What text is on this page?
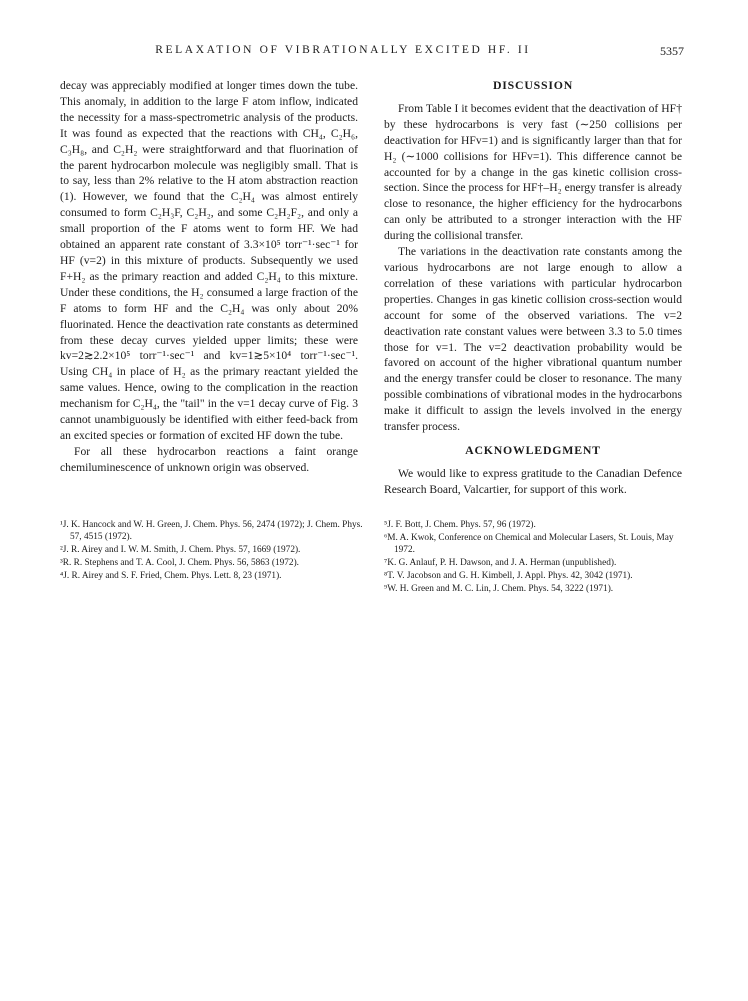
RELAXATION OF VIBRATIONALLY EXCITED HF. II	5357

decay was appreciably modified at longer times down the tube. This anomaly, in addition to the large F atom inflow, indicated the necessity for a mass-spectrometric analysis of the products. It was found as expected that the reactions with CH₄, C₂H₆, C₃H₈, and C₂H₂ were straightforward and that fluorination of the parent hydrocarbon molecule was negligibly small. That is to say, less than 2% relative to the H atom abstraction reaction (1). However, we found that the C₂H₄ was almost entirely consumed to form C₂H₃F, C₂H₂, and some C₂H₂F₂, and only a small proportion of the F atoms went to form HF. We had obtained an apparent rate constant of 3.3×10⁵ torr⁻¹·sec⁻¹ for HF (v=2) in this mixture of products. Subsequently we used F+H₂ as the primary reaction and added C₂H₄ to this mixture. Under these conditions, the H₂ consumed a large fraction of the F atoms to form HF and the C₂H₄ was only about 20% fluorinated. Hence the deactivation rate constants as determined from these decay curves yielded upper limits; these were kv=2≳2.2×10⁵ torr⁻¹·sec⁻¹ and kv=1≳5×10⁴ torr⁻¹·sec⁻¹. Using CH₄ in place of H₂ as the primary reactant yielded the same values. Hence, owing to the complication in the reaction mechanism for C₂H₄, the "tail" in the v=1 decay curve of Fig. 3 cannot unambiguously be identified with either feed-back from an excited species or formation of excited HF down the tube.

For all these hydrocarbon reactions a faint orange chemiluminescence of unknown origin was observed.

DISCUSSION

From Table I it becomes evident that the deactivation of HF† by these hydrocarbons is very fast (∼250 collisions per deactivation for HFv=1) and is significantly larger than that for H₂ (∼1000 collisions for HFv=1). This difference cannot be accounted for by a change in the gas kinetic collision cross-section. Since the process for HF†–H₂ energy transfer is already close to resonance, the higher efficiency for the hydrocarbons can only be attributed to a stronger interaction with the HF during the collisional transfer.

The variations in the deactivation rate constants among the various hydrocarbons are not large enough to allow a correlation of these variations with particular hydrocarbon properties. Changes in gas kinetic collision cross-section would account for some of the observed variations. The v=2 deactivation rate constant values were between 3.3 to 5.0 times those for v=1. The v=2 deactivation probability would be favored on account of the higher vibrational quantum number and the energy transfer could be closer to resonance. The many possible combinations of vibrational modes in the hydrocarbons make it difficult to assign the levels involved in the energy transfer process.

ACKNOWLEDGMENT

We would like to express gratitude to the Canadian Defence Research Board, Valcartier, for support of this work.

¹J. K. Hancock and W. H. Green, J. Chem. Phys. 56, 2474 (1972); J. Chem. Phys. 57, 4515 (1972).
²J. R. Airey and I. W. M. Smith, J. Chem. Phys. 57, 1669 (1972).
³R. R. Stephens and T. A. Cool, J. Chem. Phys. 56, 5863 (1972).
⁴J. R. Airey and S. F. Fried, Chem. Phys. Lett. 8, 23 (1971).
⁵J. F. Bott, J. Chem. Phys. 57, 96 (1972).
⁶M. A. Kwok, Conference on Chemical and Molecular Lasers, St. Louis, May 1972.
⁷K. G. Anlauf, P. H. Dawson, and J. A. Herman (unpublished).
⁸T. V. Jacobson and G. H. Kimbell, J. Appl. Phys. 42, 3042 (1971).
⁹W. H. Green and M. C. Lin, J. Chem. Phys. 54, 3222 (1971).
